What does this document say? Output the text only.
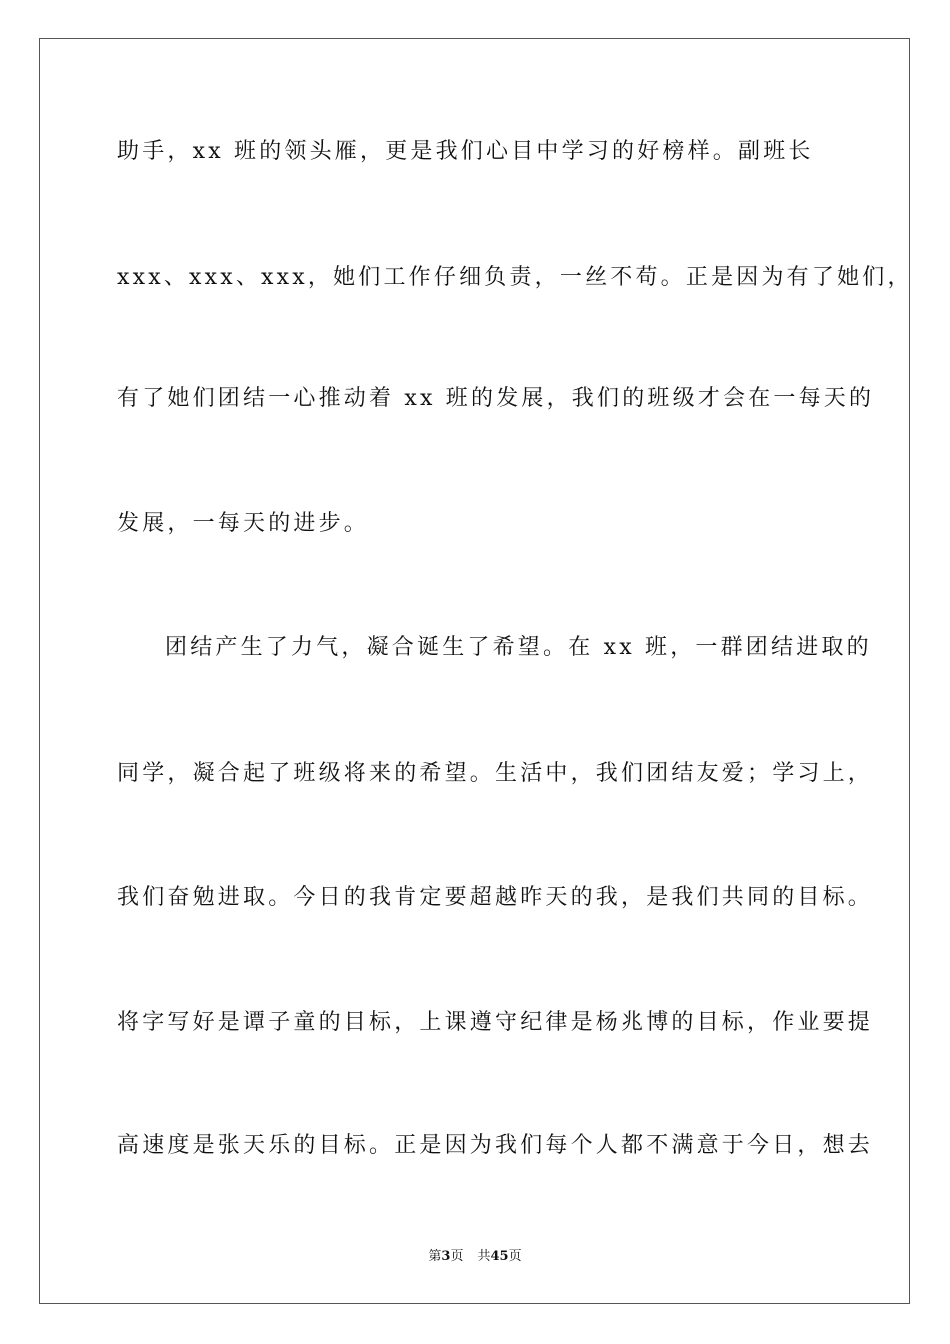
助手，xx 班的领头雁，更是我们心目中学习的好榜样。副班长
xxx、xxx、xxx，她们工作仔细负责，一丝不苟。正是因为有了她们，
有了她们团结一心推动着 xx 班的发展，我们的班级才会在一每天的
发展，一每天的进步。
团结产生了力气，凝合诞生了希望。在 xx 班，一群团结进取的
同学，凝合起了班级将来的希望。生活中，我们团结友爱；学习上，
我们奋勉进取。今日的我肯定要超越昨天的我，是我们共同的目标。
将字写好是谭子童的目标，上课遵守纪律是杨兆博的目标，作业要提
高速度是张天乐的目标。正是因为我们每个人都不满意于今日，想去
第3页 共45页
